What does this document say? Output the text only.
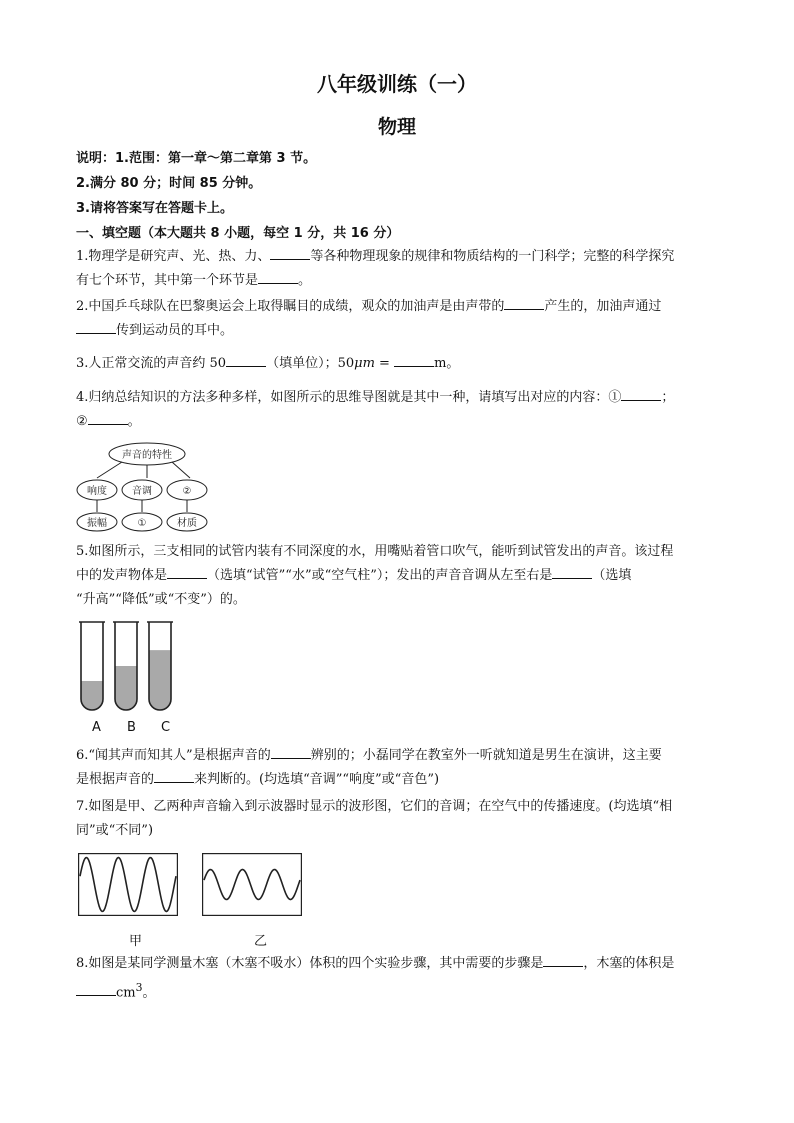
八年级训练（一）
物理
说明：1.范围：第一章～第二章第 3 节。
2.满分 80 分；时间 85 分钟。
3.请将答案写在答题卡上。
一、填空题（本大题共 8 小题，每空 1 分，共 16 分）
1.物理学是研究声、光、热、力、	等各种物理现象的规律和物质结构的一门科学；完整的科学探究
有七个环节，其中第一个环节是	。
2.中国乒乓球队在巴黎奥运会上取得瞩目的成绩，观众的加油声是由声带的	产生的，加油声通过
传到运动员的耳中。
3.人正常交流的声音约 50	（填单位）；50μm =	m。
4.归纳总结知识的方法多种多样，如图所示的思维导图就是其中一种，请填写出对应的内容：①	；
②	。
声音的特性
响度	音调	②
振幅	①	材质
5.如图所示，三支相同的试管内装有不同深度的水，用嘴贴着管口吹气，能听到试管发出的声音。该过程
中的发声物体是	（选填“试管”“水”或“空气柱”）；发出的声音音调从左至右是	（选填
“升高”“降低”或“不变”）的。
A B C
6.“闻其声而知其人”是根据声音的	辨别的；小磊同学在教室外一听就知道是男生在演讲，这主要
是根据声音的	来判断的。(均选填“音调”“响度”或“音色”)
7.如图是甲、乙两种声音输入到示波器时显示的波形图，它们的音调；在空气中的传播速度。(均选填“相
同”或“不同”)
甲	乙
8.如图是某同学测量木塞（木塞不吸水）体积的四个实验步骤，其中需要的步骤是	，木塞的体积是
$cm^3$。
